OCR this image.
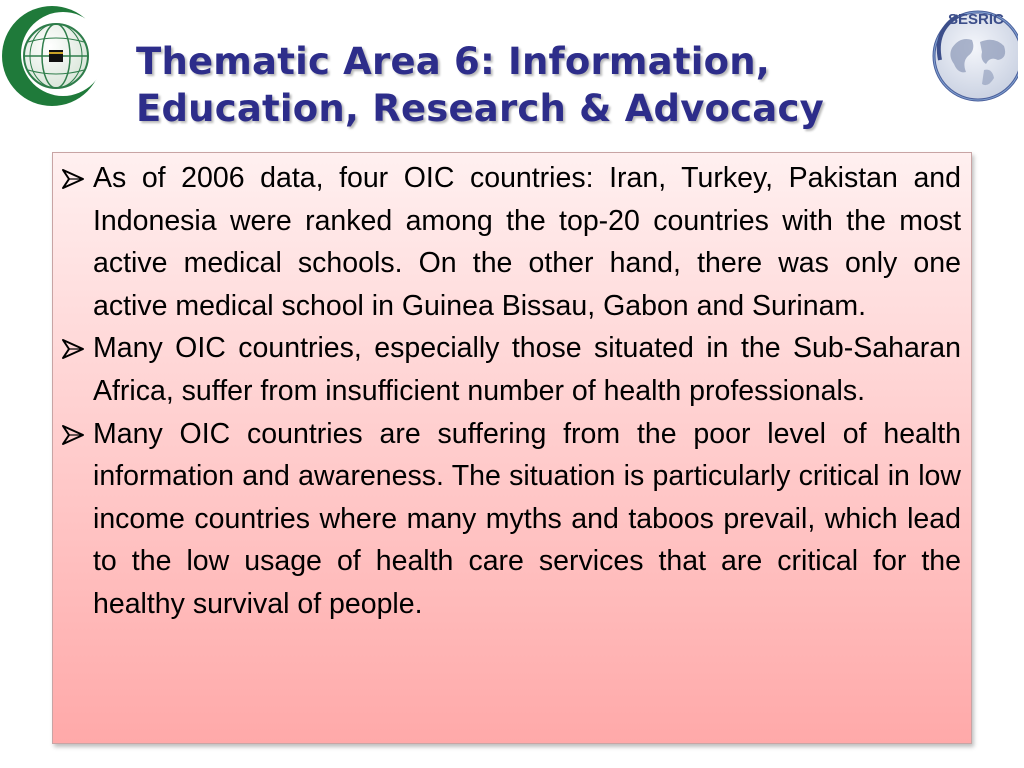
Thematic Area 6: Information,
Education, Research & Advocacy
SESRIC
As of 2006 data, four OIC countries: Iran, Turkey, Pakistan and Indonesia were ranked among the top-20 countries with the most active medical schools. On the other hand, there was only one active medical school in Guinea Bissau, Gabon and Surinam.
Many OIC countries, especially those situated in the Sub-Saharan Africa, suffer from insufficient number of health professionals.
Many OIC countries are suffering from the poor level of health information and awareness. The situation is particularly critical in low income countries where many myths and taboos prevail, which lead to the low usage of health care services that are critical for the healthy survival of people.
